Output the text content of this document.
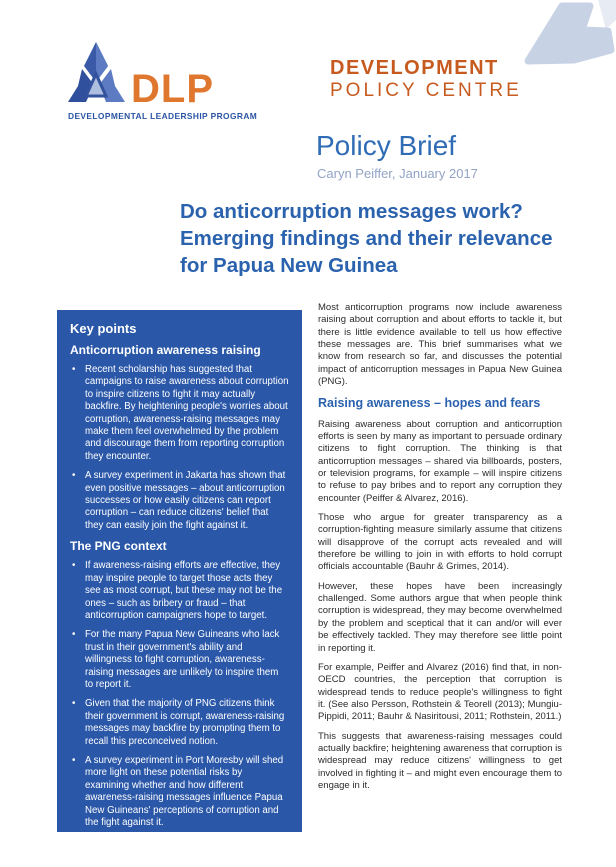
DLP
DEVELOPMENTAL LEADERSHIP PROGRAM
DEVELOPMENT
POLICY CENTRE
Policy Brief
Caryn Peiffer, January 2017
Do anticorruption messages work?
Emerging findings and their relevance
for Papua New Guinea
Key points
Anticorruption awareness raising
• Recent scholarship has suggested that campaigns to raise awareness about corruption to inspire citizens to fight it may actually backfire. By heightening people's worries about corruption, awareness-raising messages may make them feel overwhelmed by the problem and discourage them from reporting corruption they encounter.
• A survey experiment in Jakarta has shown that even positive messages – about anticorruption successes or how easily citizens can report corruption – can reduce citizens' belief that they can easily join the fight against it.
The PNG context
• If awareness-raising efforts are effective, they may inspire people to target those acts they see as most corrupt, but these may not be the ones – such as bribery or fraud – that anticorruption campaigners hope to target.
• For the many Papua New Guineans who lack trust in their government's ability and willingness to fight corruption, awareness-raising messages are unlikely to inspire them to report it.
• Given that the majority of PNG citizens think their government is corrupt, awareness-raising messages may backfire by prompting them to recall this preconceived notion.
• A survey experiment in Port Moresby will shed more light on these potential risks by examining whether and how different awareness-raising messages influence Papua New Guineans' perceptions of corruption and the fight against it.

Most anticorruption programs now include awareness raising about corruption and about efforts to tackle it, but there is little evidence available to tell us how effective these messages are. This brief summarises what we know from research so far, and discusses the potential impact of anticorruption messages in Papua New Guinea (PNG).

Raising awareness – hopes and fears

Raising awareness about corruption and anticorruption efforts is seen by many as important to persuade ordinary citizens to fight corruption. The thinking is that anticorruption messages – shared via billboards, posters, or television programs, for example – will inspire citizens to refuse to pay bribes and to report any corruption they encounter (Peiffer & Alvarez, 2016).

Those who argue for greater transparency as a corruption-fighting measure similarly assume that citizens will disapprove of the corrupt acts revealed and will therefore be willing to join in with efforts to hold corrupt officials accountable (Bauhr & Grimes, 2014).

However, these hopes have been increasingly challenged. Some authors argue that when people think corruption is widespread, they may become overwhelmed by the problem and sceptical that it can and/or will ever be effectively tackled. They may therefore see little point in reporting it.

For example, Peiffer and Alvarez (2016) find that, in non-OECD countries, the perception that corruption is widespread tends to reduce people's willingness to fight it. (See also Persson, Rothstein & Teorell (2013); Mungiu-Pippidi, 2011; Bauhr & Nasiritousi, 2011; Rothstein, 2011.)

This suggests that awareness-raising messages could actually backfire; heightening awareness that corruption is widespread may reduce citizens' willingness to get involved in fighting it – and might even encourage them to engage in it.
